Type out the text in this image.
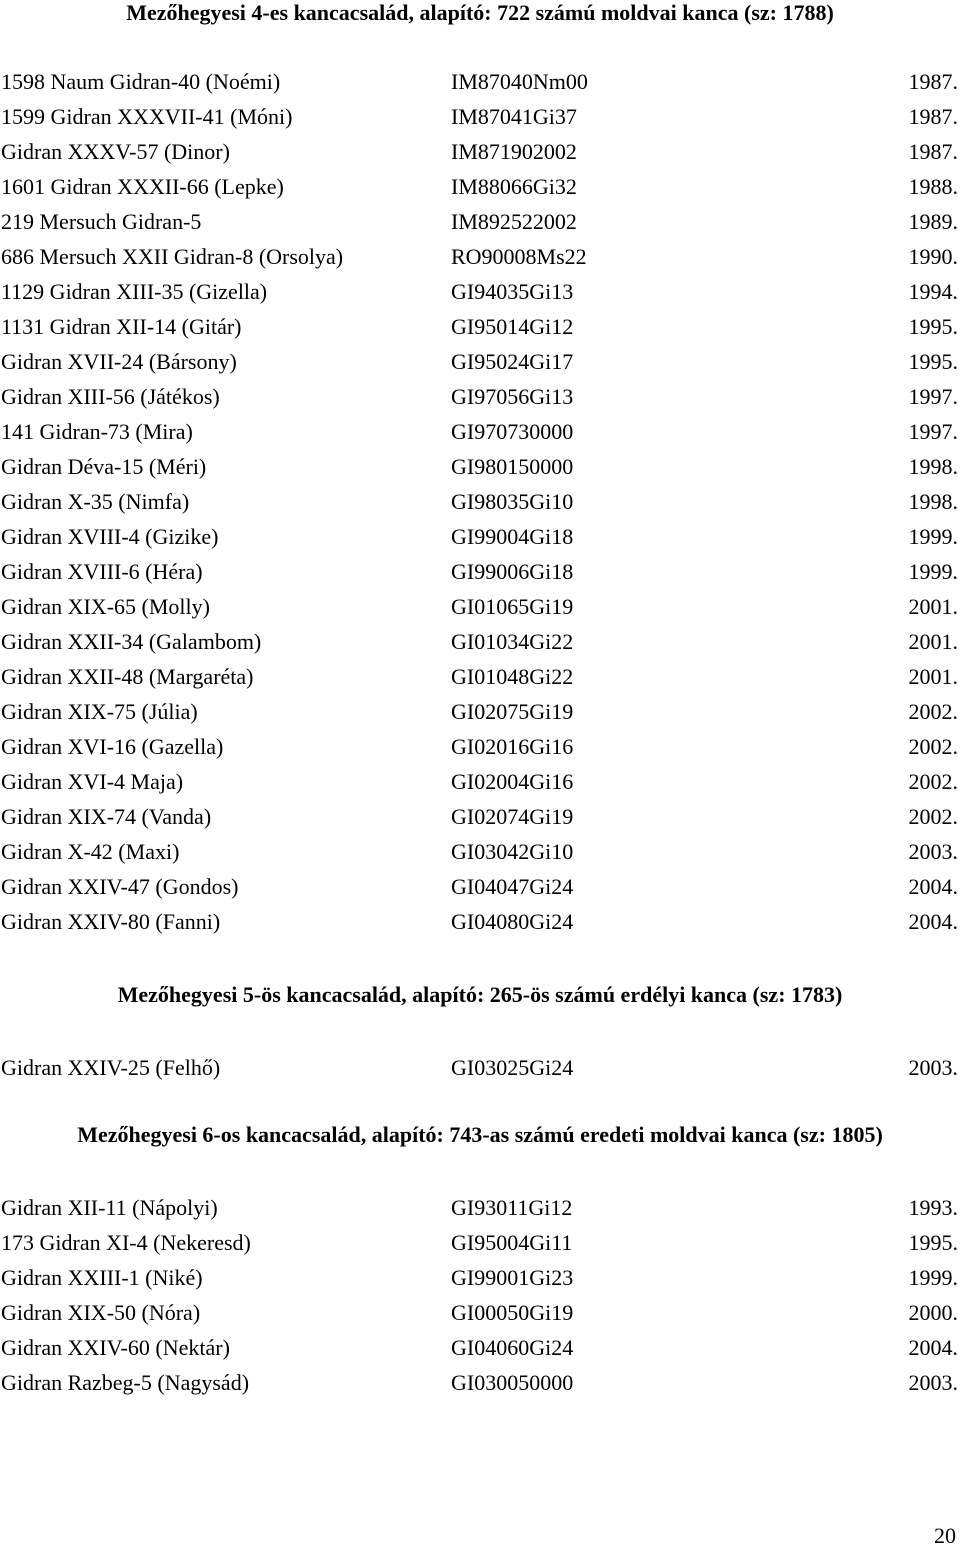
Mezőhegyesi 4-es kancacsalád, alapító: 722 számú moldvai kanca (sz: 1788)
1598 Naum Gidran-40 (Noémi)	IM87040Nm00	1987.
1599 Gidran XXXVII-41 (Móni)	IM87041Gi37	1987.
Gidran XXXV-57 (Dinor)	IM871902002	1987.
1601 Gidran XXXII-66 (Lepke)	IM88066Gi32	1988.
219 Mersuch Gidran-5	IM892522002	1989.
686 Mersuch XXII Gidran-8 (Orsolya)	RO90008Ms22	1990.
1129 Gidran XIII-35 (Gizella)	GI94035Gi13	1994.
1131 Gidran XII-14 (Gitár)	GI95014Gi12	1995.
Gidran XVII-24 (Bársony)	GI95024Gi17	1995.
Gidran XIII-56 (Játékos)	GI97056Gi13	1997.
141 Gidran-73 (Mira)	GI970730000	1997.
Gidran Déva-15 (Méri)	GI980150000	1998.
Gidran X-35 (Nimfa)	GI98035Gi10	1998.
Gidran XVIII-4 (Gizike)	GI99004Gi18	1999.
Gidran XVIII-6 (Héra)	GI99006Gi18	1999.
Gidran XIX-65 (Molly)	GI01065Gi19	2001.
Gidran XXII-34 (Galambom)	GI01034Gi22	2001.
Gidran XXII-48 (Margaréta)	GI01048Gi22	2001.
Gidran XIX-75 (Júlia)	GI02075Gi19	2002.
Gidran XVI-16 (Gazella)	GI02016Gi16	2002.
Gidran XVI-4 Maja)	GI02004Gi16	2002.
Gidran XIX-74 (Vanda)	GI02074Gi19	2002.
Gidran X-42 (Maxi)	GI03042Gi10	2003.
Gidran XXIV-47 (Gondos)	GI04047Gi24	2004.
Gidran XXIV-80 (Fanni)	GI04080Gi24	2004.
Mezőhegyesi 5-ös kancacsalád, alapító: 265-ös számú erdélyi kanca (sz: 1783)
Gidran XXIV-25 (Felhő)	GI03025Gi24	2003.
Mezőhegyesi 6-os kancacsalád, alapító: 743-as számú eredeti moldvai kanca (sz: 1805)
Gidran XII-11 (Nápolyi)	GI93011Gi12	1993.
173 Gidran XI-4 (Nekeresd)	GI95004Gi11	1995.
Gidran XXIII-1 (Niké)	GI99001Gi23	1999.
Gidran XIX-50 (Nóra)	GI00050Gi19	2000.
Gidran XXIV-60 (Nektár)	GI04060Gi24	2004.
Gidran Razbeg-5 (Nagysád)	GI030050000	2003.
20
